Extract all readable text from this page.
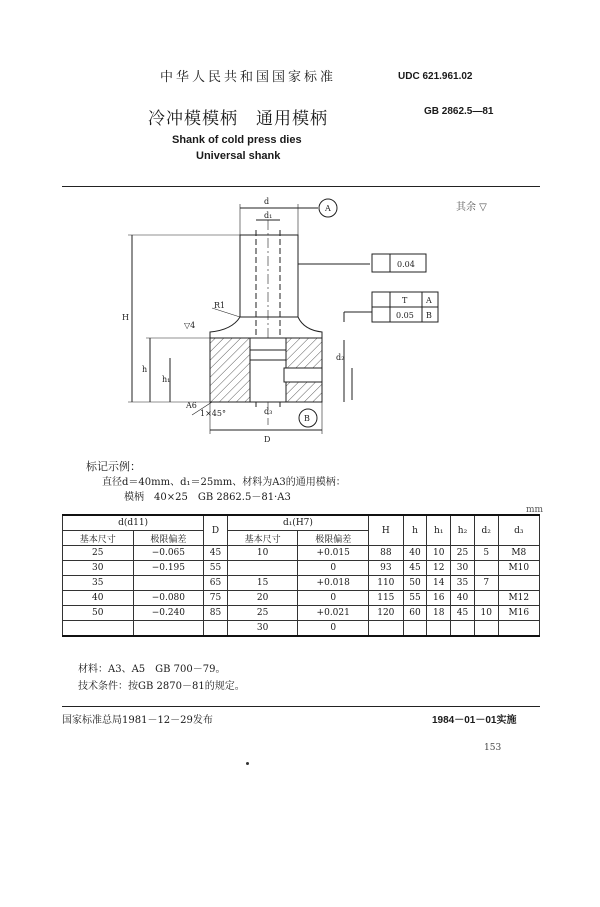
中华人民共和国国家标准	UDC 621.961.02
冷冲模模柄　通用模柄	GB 2862.5—81
Shank of cold press dies
Universal shank
其余 ▽
d
d₁
A
0.04
T A
0.05 B
H
h
h₁
D
B
R1
A6
d₂
d₃
1×45°
▽4
标记示例：
直径d＝40mm、d₁＝25mm、材料为A3的通用模柄：
模柄　40×25　GB 2862.5－81·A3
mm
d(d11)		D	d₁(H7)		H	h	h₁	h₂	d₂	d₃
基本尺寸	极限偏差		基本尺寸	极限偏差						
25	−0.065	45	10	+0.015	88	40	10	25	5	M8
30	−0.195	55		0	93	45	12	30		M10
35		65	15	+0.018	110	50	14	35	7	
40	−0.080	75	20	0	115	55	16	40		M12
50	−0.240	85	25	+0.021	120	60	18	45	10	M16
			30	0						
材料：A3、A5　GB 700－79。
技术条件：按GB 2870－81的规定。
国家标准总局1981－12－29发布	1984－01－01实施
153
